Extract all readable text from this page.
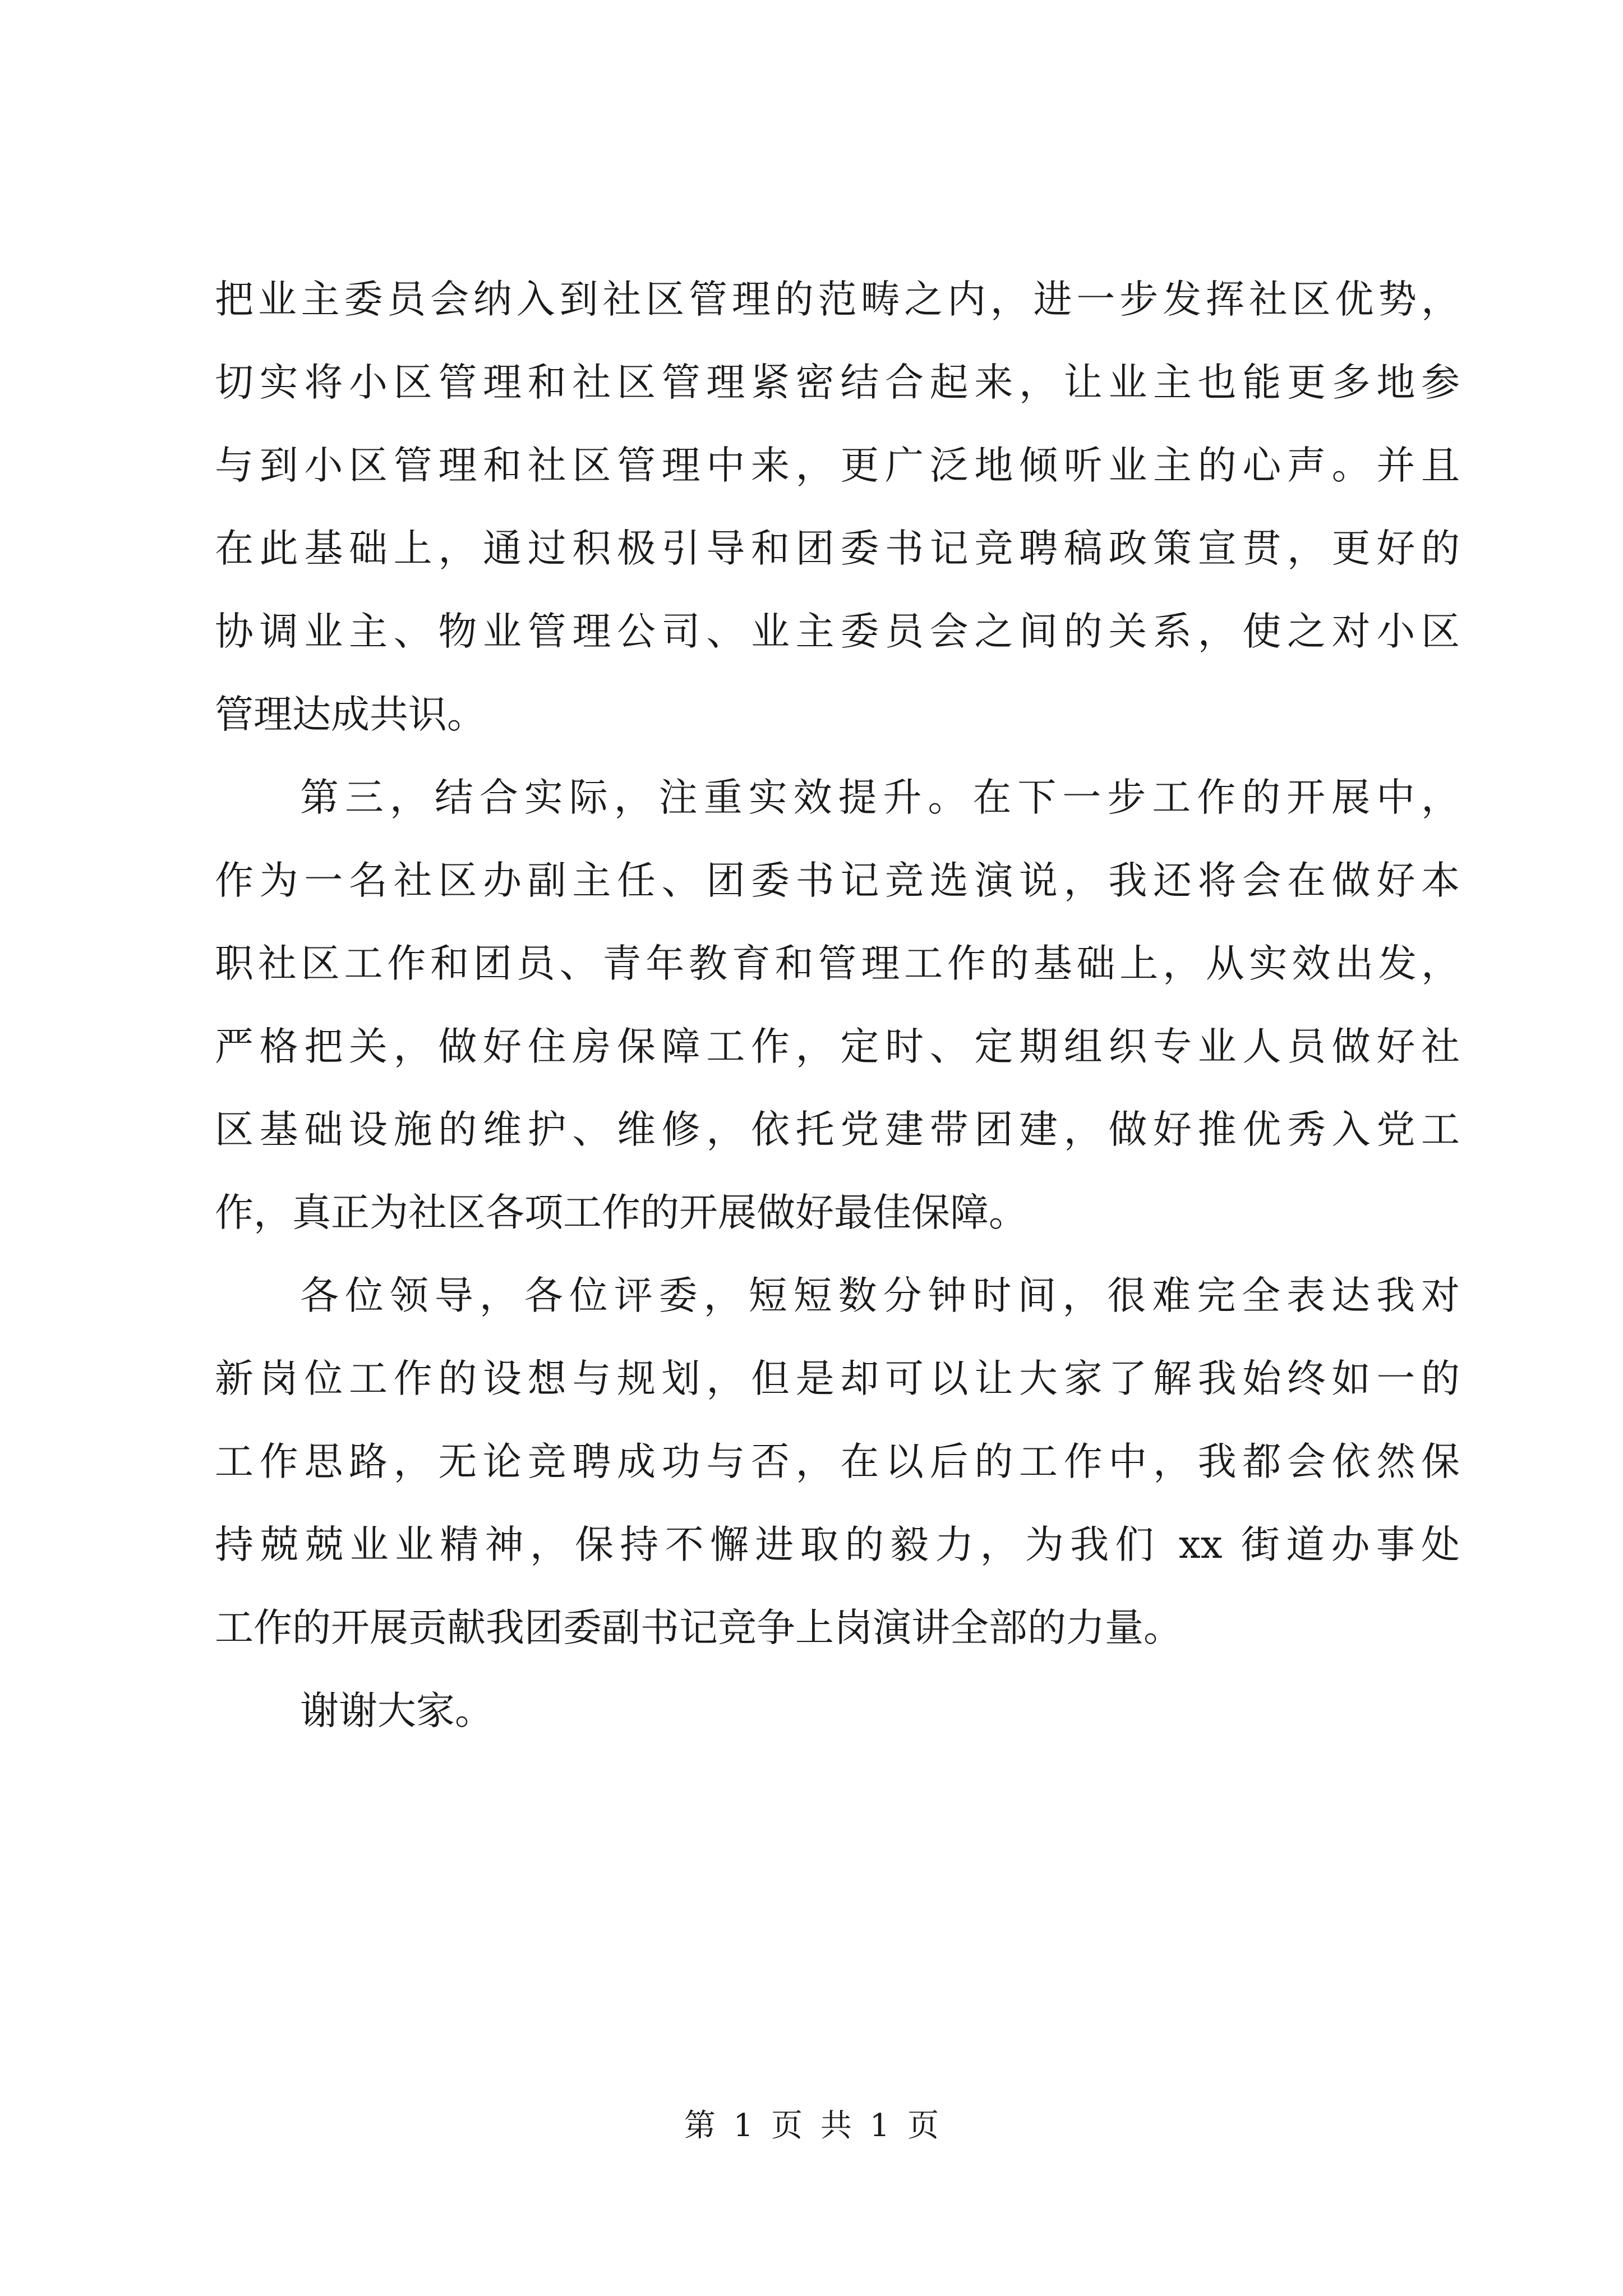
把业主委员会纳入到社区管理的范畴之内，进一步发挥社区优势，
切实将小区管理和社区管理紧密结合起来，让业主也能更多地参
与到小区管理和社区管理中来，更广泛地倾听业主的心声。并且
在此基础上，通过积极引导和团委书记竞聘稿政策宣贯，更好的
协调业主、物业管理公司、业主委员会之间的关系，使之对小区
管理达成共识。
第三，结合实际，注重实效提升。在下一步工作的开展中，
作为一名社区办副主任、团委书记竞选演说，我还将会在做好本
职社区工作和团员、青年教育和管理工作的基础上，从实效出发，
严格把关，做好住房保障工作，定时、定期组织专业人员做好社
区基础设施的维护、维修，依托党建带团建，做好推优秀入党工
作，真正为社区各项工作的开展做好最佳保障。
各位领导，各位评委，短短数分钟时间，很难完全表达我对
新岗位工作的设想与规划，但是却可以让大家了解我始终如一的
工作思路，无论竞聘成功与否，在以后的工作中，我都会依然保
持兢兢业业精神，保持不懈进取的毅力，为我们 xx 街道办事处
工作的开展贡献我团委副书记竞争上岗演讲全部的力量。
谢谢大家。
第 1 页 共 1 页
